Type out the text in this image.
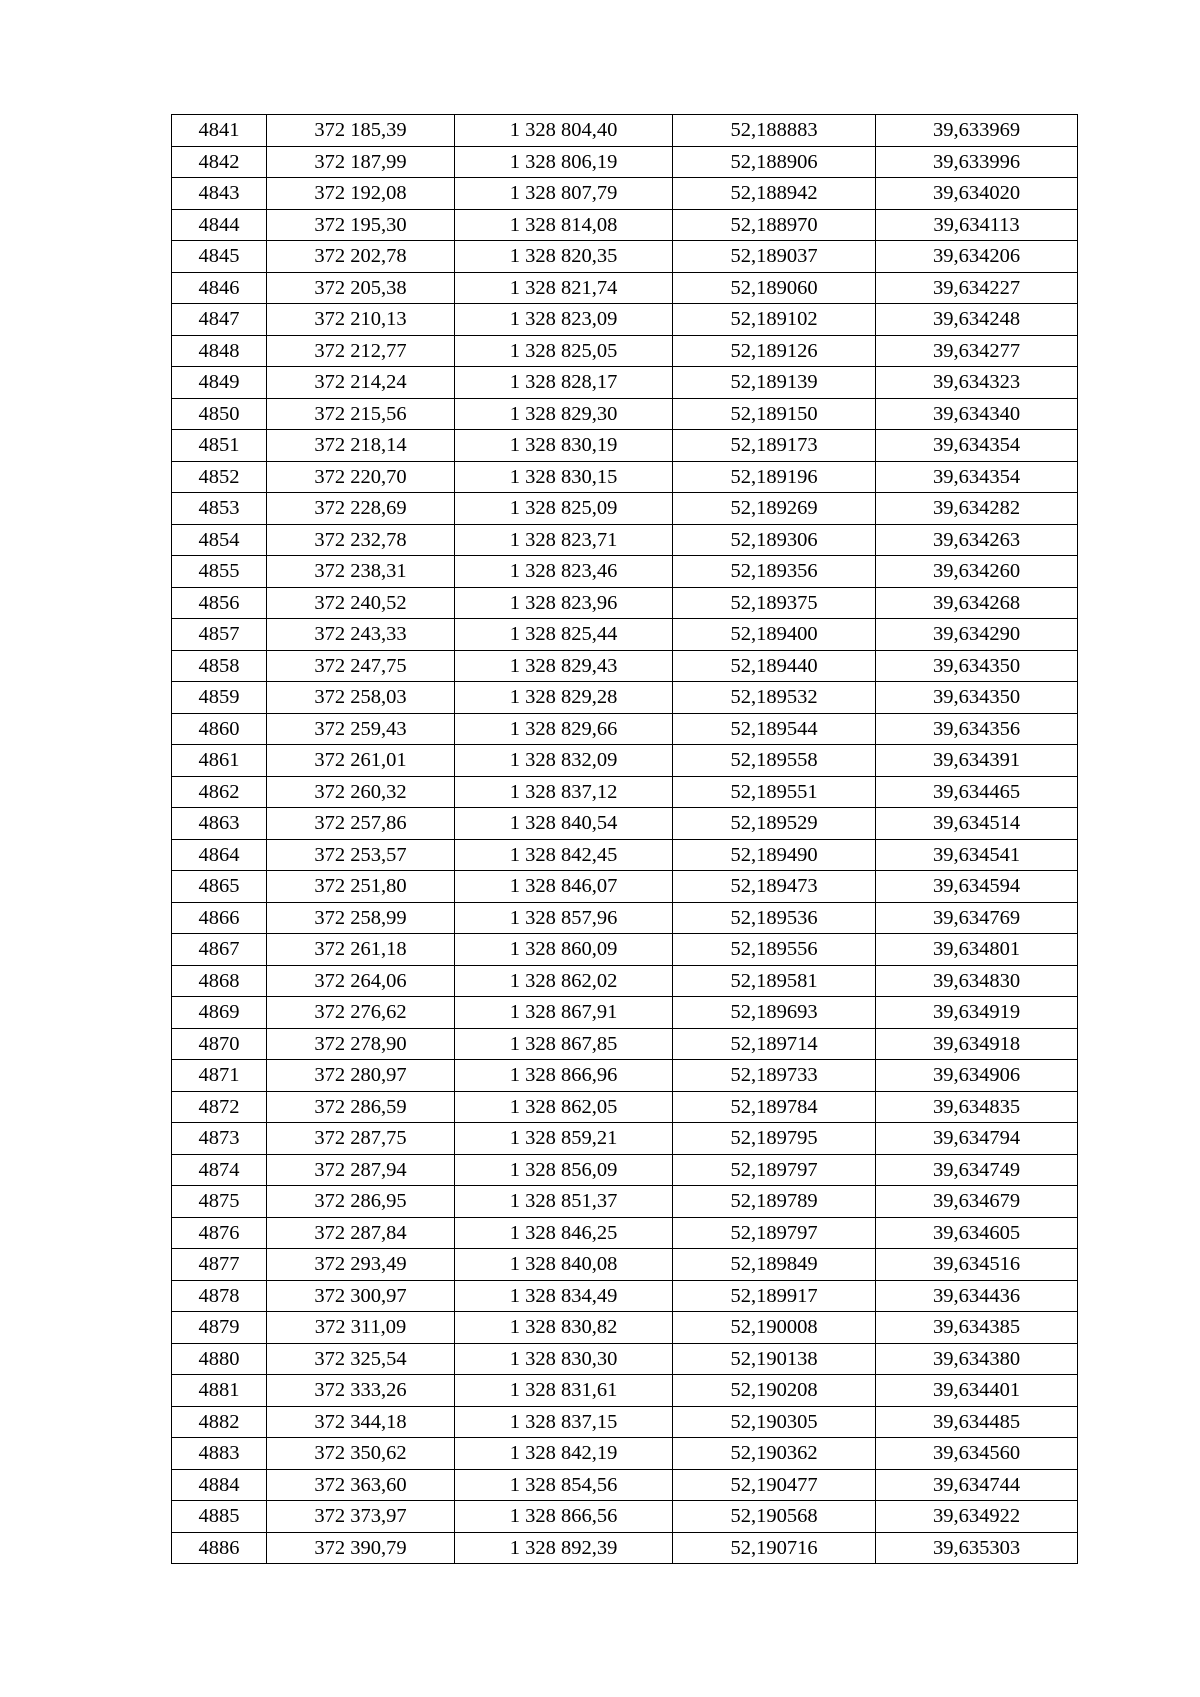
4841	372 185,39	1 328 804,40	52,188883	39,633969
4842	372 187,99	1 328 806,19	52,188906	39,633996
4843	372 192,08	1 328 807,79	52,188942	39,634020
4844	372 195,30	1 328 814,08	52,188970	39,634113
4845	372 202,78	1 328 820,35	52,189037	39,634206
4846	372 205,38	1 328 821,74	52,189060	39,634227
4847	372 210,13	1 328 823,09	52,189102	39,634248
4848	372 212,77	1 328 825,05	52,189126	39,634277
4849	372 214,24	1 328 828,17	52,189139	39,634323
4850	372 215,56	1 328 829,30	52,189150	39,634340
4851	372 218,14	1 328 830,19	52,189173	39,634354
4852	372 220,70	1 328 830,15	52,189196	39,634354
4853	372 228,69	1 328 825,09	52,189269	39,634282
4854	372 232,78	1 328 823,71	52,189306	39,634263
4855	372 238,31	1 328 823,46	52,189356	39,634260
4856	372 240,52	1 328 823,96	52,189375	39,634268
4857	372 243,33	1 328 825,44	52,189400	39,634290
4858	372 247,75	1 328 829,43	52,189440	39,634350
4859	372 258,03	1 328 829,28	52,189532	39,634350
4860	372 259,43	1 328 829,66	52,189544	39,634356
4861	372 261,01	1 328 832,09	52,189558	39,634391
4862	372 260,32	1 328 837,12	52,189551	39,634465
4863	372 257,86	1 328 840,54	52,189529	39,634514
4864	372 253,57	1 328 842,45	52,189490	39,634541
4865	372 251,80	1 328 846,07	52,189473	39,634594
4866	372 258,99	1 328 857,96	52,189536	39,634769
4867	372 261,18	1 328 860,09	52,189556	39,634801
4868	372 264,06	1 328 862,02	52,189581	39,634830
4869	372 276,62	1 328 867,91	52,189693	39,634919
4870	372 278,90	1 328 867,85	52,189714	39,634918
4871	372 280,97	1 328 866,96	52,189733	39,634906
4872	372 286,59	1 328 862,05	52,189784	39,634835
4873	372 287,75	1 328 859,21	52,189795	39,634794
4874	372 287,94	1 328 856,09	52,189797	39,634749
4875	372 286,95	1 328 851,37	52,189789	39,634679
4876	372 287,84	1 328 846,25	52,189797	39,634605
4877	372 293,49	1 328 840,08	52,189849	39,634516
4878	372 300,97	1 328 834,49	52,189917	39,634436
4879	372 311,09	1 328 830,82	52,190008	39,634385
4880	372 325,54	1 328 830,30	52,190138	39,634380
4881	372 333,26	1 328 831,61	52,190208	39,634401
4882	372 344,18	1 328 837,15	52,190305	39,634485
4883	372 350,62	1 328 842,19	52,190362	39,634560
4884	372 363,60	1 328 854,56	52,190477	39,634744
4885	372 373,97	1 328 866,56	52,190568	39,634922
4886	372 390,79	1 328 892,39	52,190716	39,635303
